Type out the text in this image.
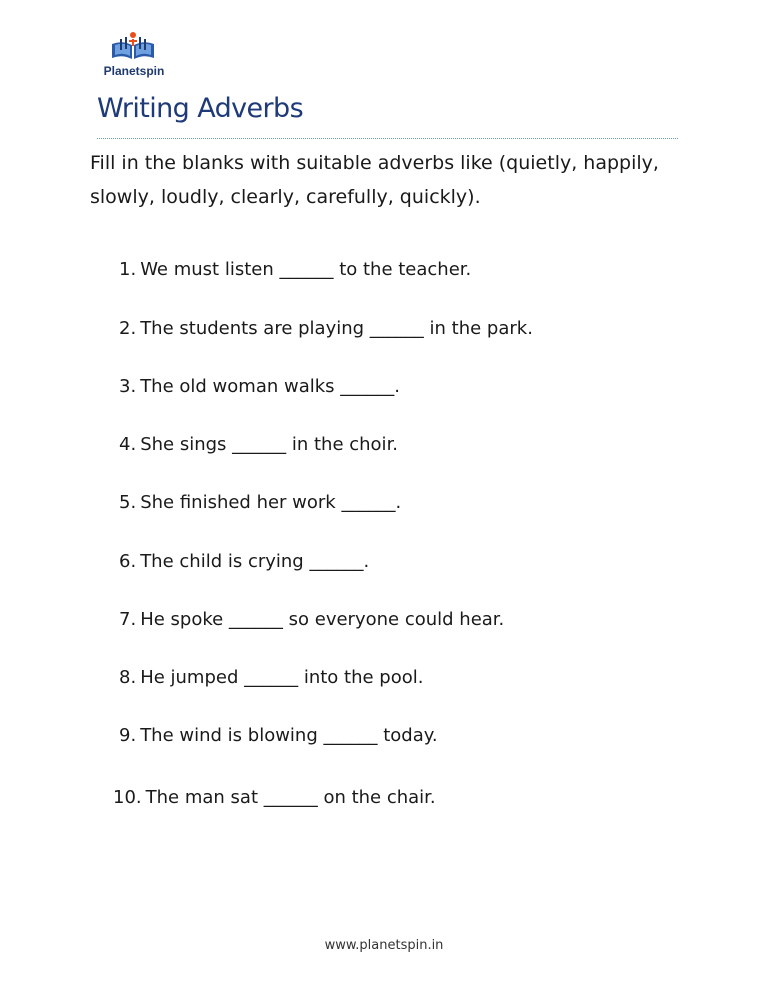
Planetspin
Writing Adverbs

Fill in the blanks with suitable adverbs like (quietly, happily, slowly, loudly, clearly, carefully, quickly).

1. We must listen ______ to the teacher.
2. The students are playing ______ in the park.
3. The old woman walks ______.
4. She sings ______ in the choir.
5. She finished her work ______.
6. The child is crying ______.
7. He spoke ______ so everyone could hear.
8. He jumped ______ into the pool.
9. The wind is blowing ______ today.
10. The man sat ______ on the chair.
www.planetspin.in
